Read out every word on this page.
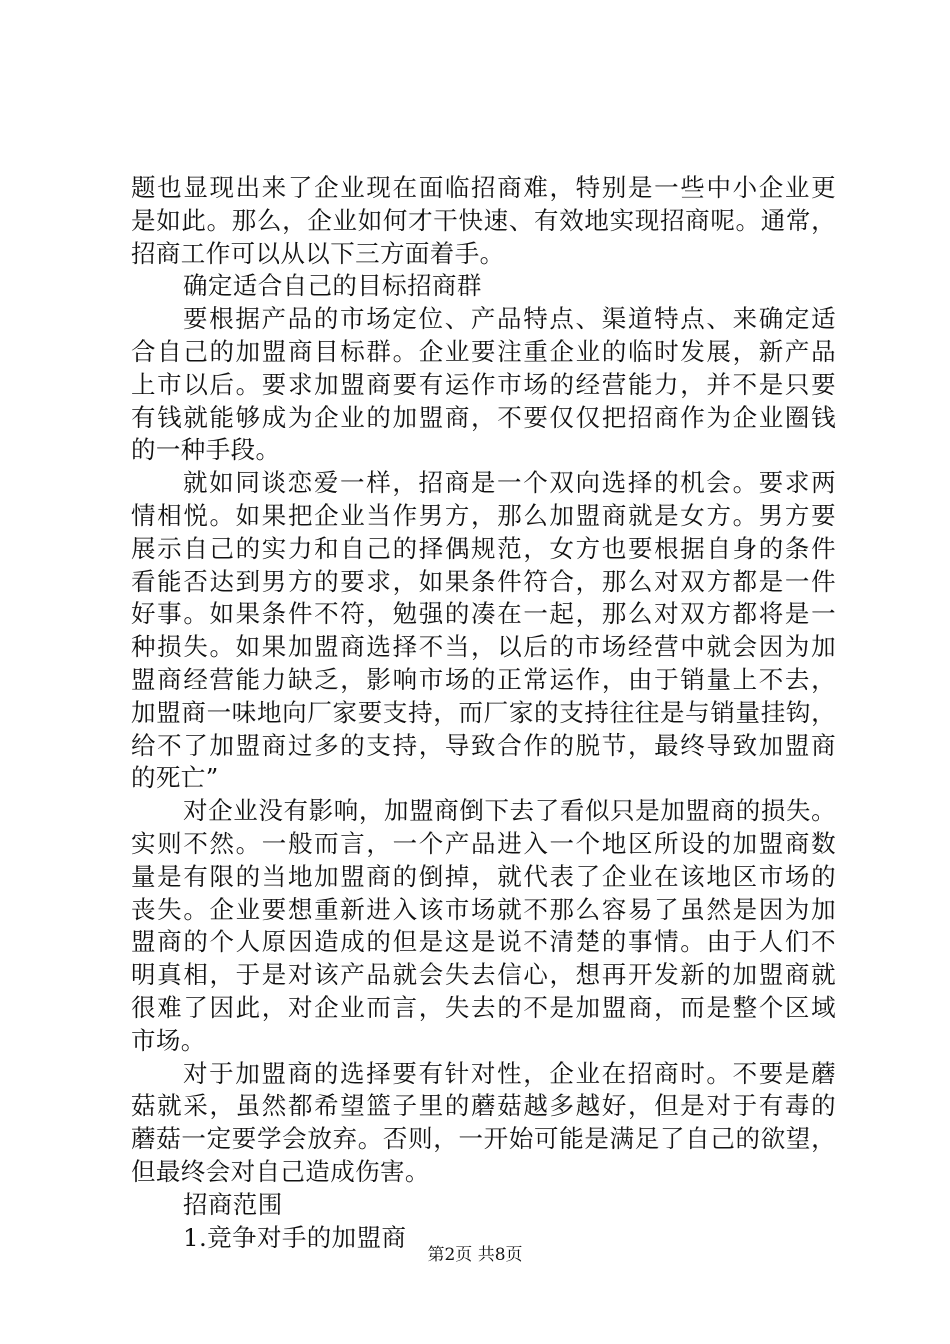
题也显现出来了企业现在面临招商难，特别是一些中小企业更
是如此。那么，企业如何才干快速、有效地实现招商呢。通常，
招商工作可以从以下三方面着手。
确定适合自己的目标招商群
要根据产品的市场定位、产品特点、渠道特点、来确定适
合自己的加盟商目标群。企业要注重企业的临时发展，新产品
上市以后。要求加盟商要有运作市场的经营能力，并不是只要
有钱就能够成为企业的加盟商，不要仅仅把招商作为企业圈钱
的一种手段。
就如同谈恋爱一样，招商是一个双向选择的机会。要求两
情相悦。如果把企业当作男方，那么加盟商就是女方。男方要
展示自己的实力和自己的择偶规范，女方也要根据自身的条件
看能否达到男方的要求，如果条件符合，那么对双方都是一件
好事。如果条件不符，勉强的凑在一起，那么对双方都将是一
种损失。如果加盟商选择不当，以后的市场经营中就会因为加
盟商经营能力缺乏，影响市场的正常运作，由于销量上不去，
加盟商一味地向厂家要支持，而厂家的支持往往是与销量挂钩，
给不了加盟商过多的支持，导致合作的脱节，最终导致加盟商
的死亡”
对企业没有影响，加盟商倒下去了看似只是加盟商的损失。
实则不然。一般而言，一个产品进入一个地区所设的加盟商数
量是有限的当地加盟商的倒掉，就代表了企业在该地区市场的
丧失。企业要想重新进入该市场就不那么容易了虽然是因为加
盟商的个人原因造成的但是这是说不清楚的事情。由于人们不
明真相，于是对该产品就会失去信心，想再开发新的加盟商就
很难了因此，对企业而言，失去的不是加盟商，而是整个区域
市场。
对于加盟商的选择要有针对性，企业在招商时。不要是蘑
菇就采，虽然都希望篮子里的蘑菇越多越好，但是对于有毒的
蘑菇一定要学会放弃。否则，一开始可能是满足了自己的欲望，
但最终会对自己造成伤害。
招商范围
1.竞争对手的加盟商
第2页 共8页
